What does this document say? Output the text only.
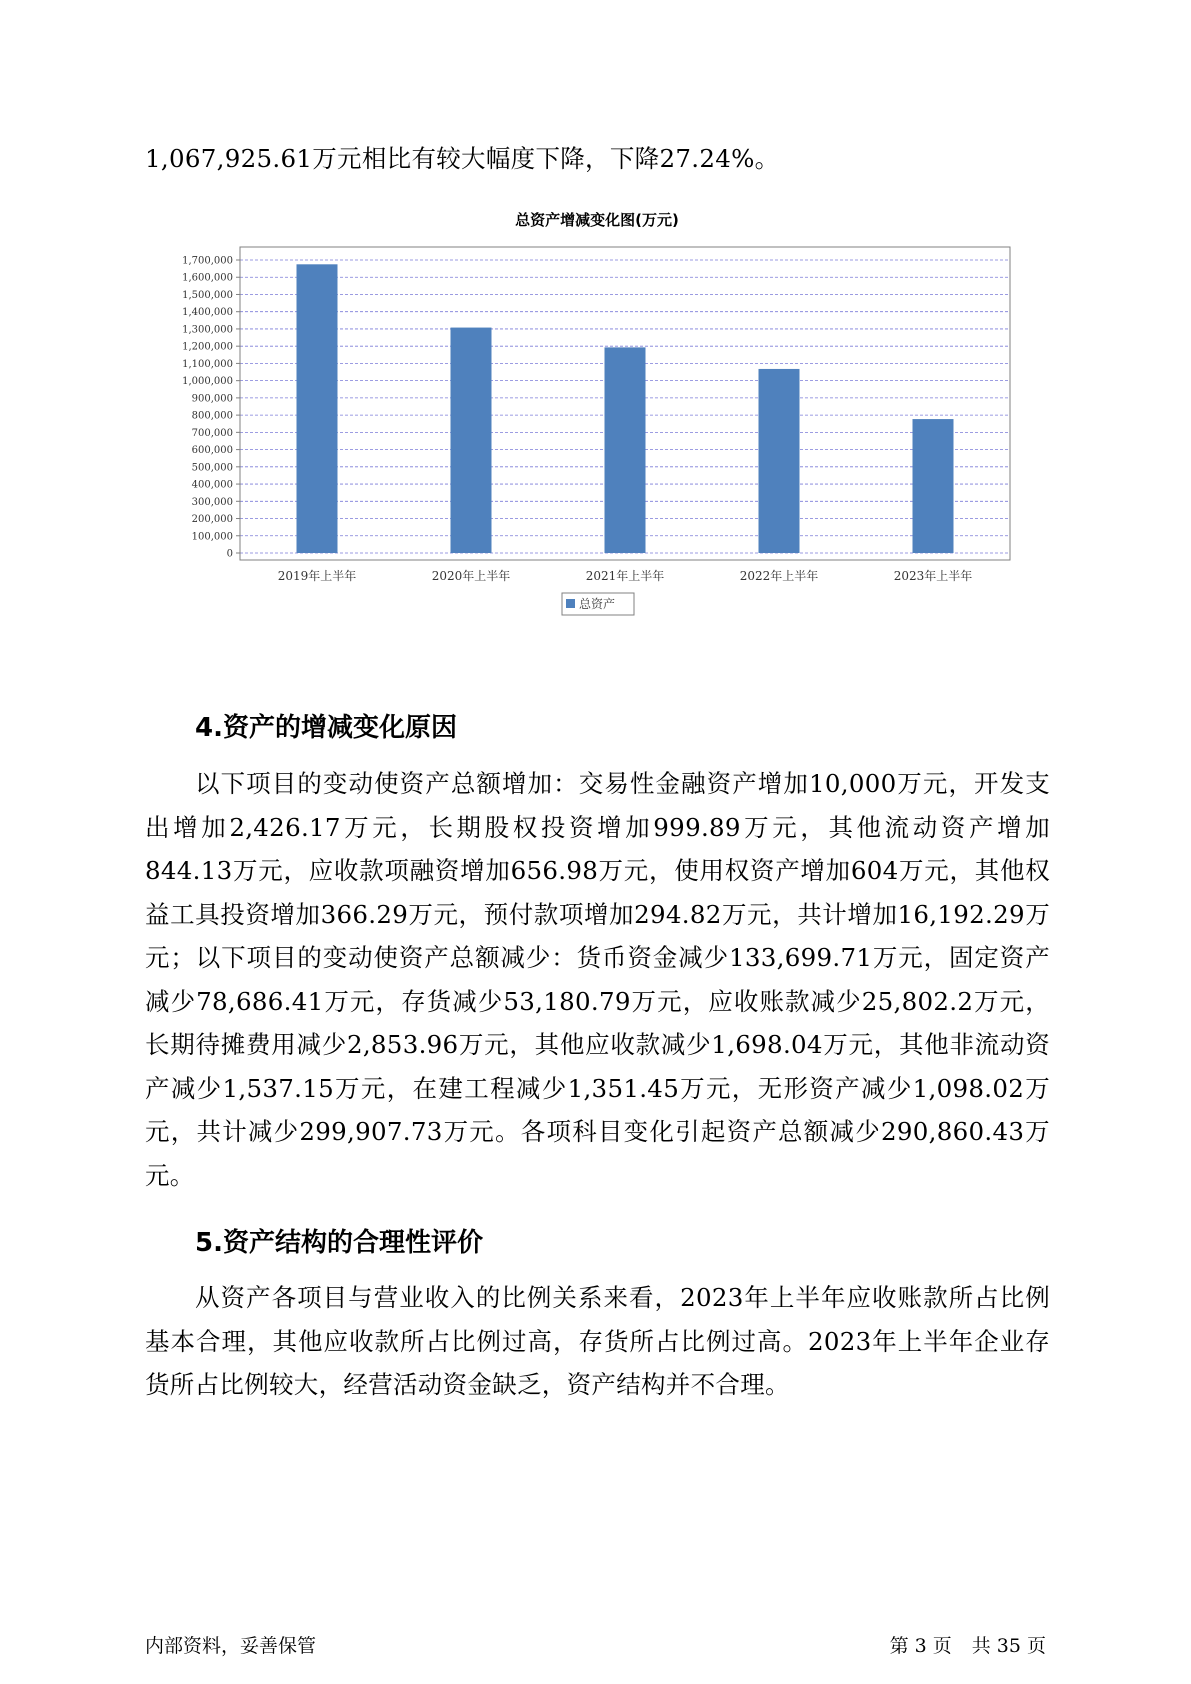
1,067,925.61万元相比有较大幅度下降，下降27.24%。

总资产增减变化图(万元)
0
100,000
200,000
300,000
400,000
500,000
600,000
700,000
800,000
900,000
1,000,000
1,100,000
1,200,000
1,300,000
1,400,000
1,500,000
1,600,000
1,700,000
2019年上半年	2020年上半年	2021年上半年	2022年上半年	2023年上半年
总资产
4.资产的增减变化原因

以下项目的变动使资产总额增加：交易性金融资产增加10,000万元，开发支出增加2,426.17万元，长期股权投资增加999.89万元，其他流动资产增加844.13万元，应收款项融资增加656.98万元，使用权资产增加604万元，其他权益工具投资增加366.29万元，预付款项增加294.82万元，共计增加16,192.29万元；以下项目的变动使资产总额减少：货币资金减少133,699.71万元，固定资产减少78,686.41万元，存货减少53,180.79万元，应收账款减少25,802.2万元，长期待摊费用减少2,853.96万元，其他应收款减少1,698.04万元，其他非流动资产减少1,537.15万元，在建工程减少1,351.45万元，无形资产减少1,098.02万元，共计减少299,907.73万元。各项科目变化引起资产总额减少290,860.43万元。

5.资产结构的合理性评价

从资产各项目与营业收入的比例关系来看，2023年上半年应收账款所占比例基本合理，其他应收款所占比例过高，存货所占比例过高。2023年上半年企业存货所占比例较大，经营活动资金缺乏，资产结构并不合理。

内部资料，妥善保管	第 3 页 共 35 页
